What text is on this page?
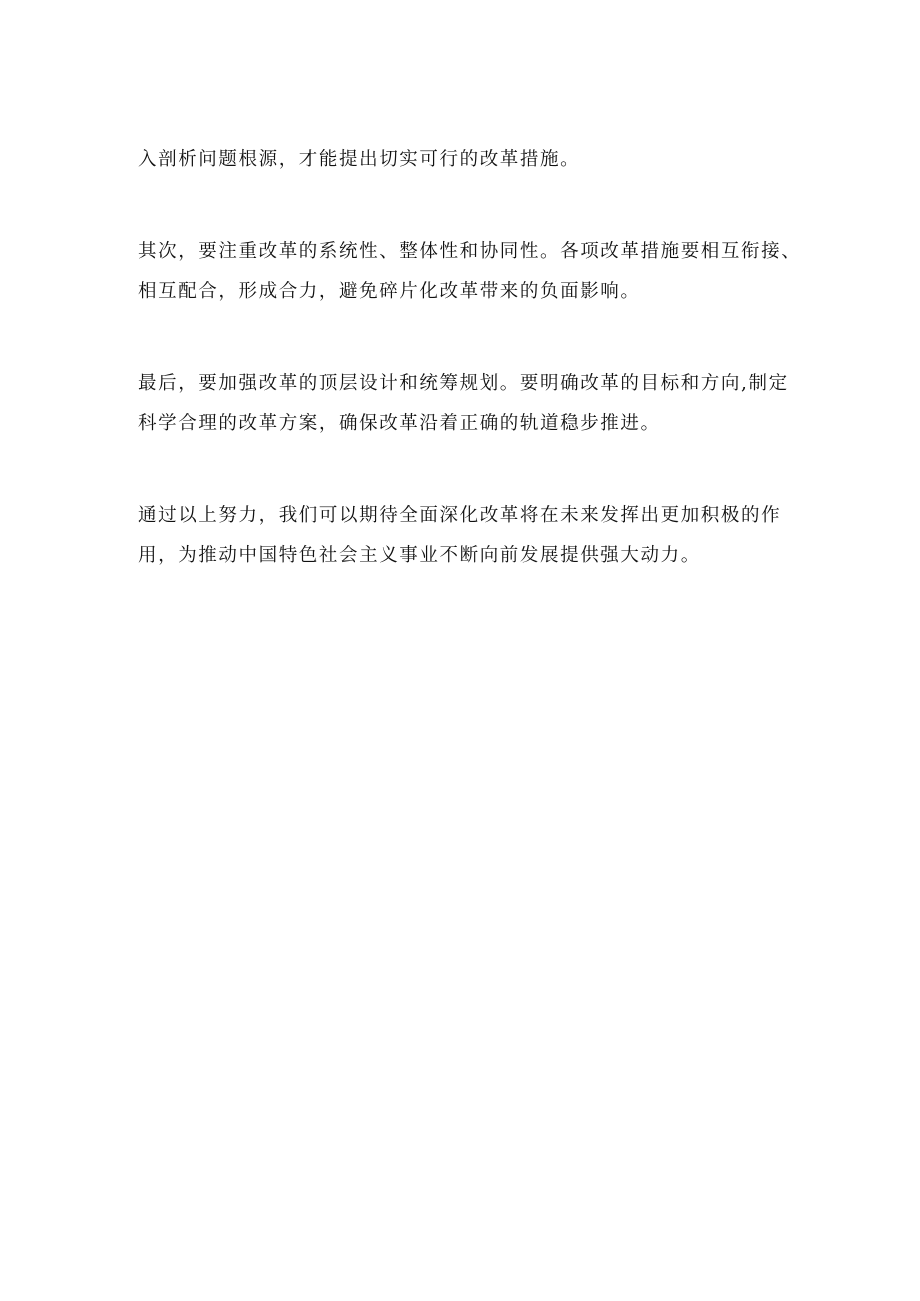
入剖析问题根源，才能提出切实可行的改革措施。

其次，要注重改革的系统性、整体性和协同性。各项改革措施要相互衔接、
相互配合，形成合力，避免碎片化改革带来的负面影响。

最后，要加强改革的顶层设计和统筹规划。要明确改革的目标和方向,制定
科学合理的改革方案，确保改革沿着正确的轨道稳步推进。

通过以上努力，我们可以期待全面深化改革将在未来发挥出更加积极的作
用，为推动中国特色社会主义事业不断向前发展提供强大动力。
